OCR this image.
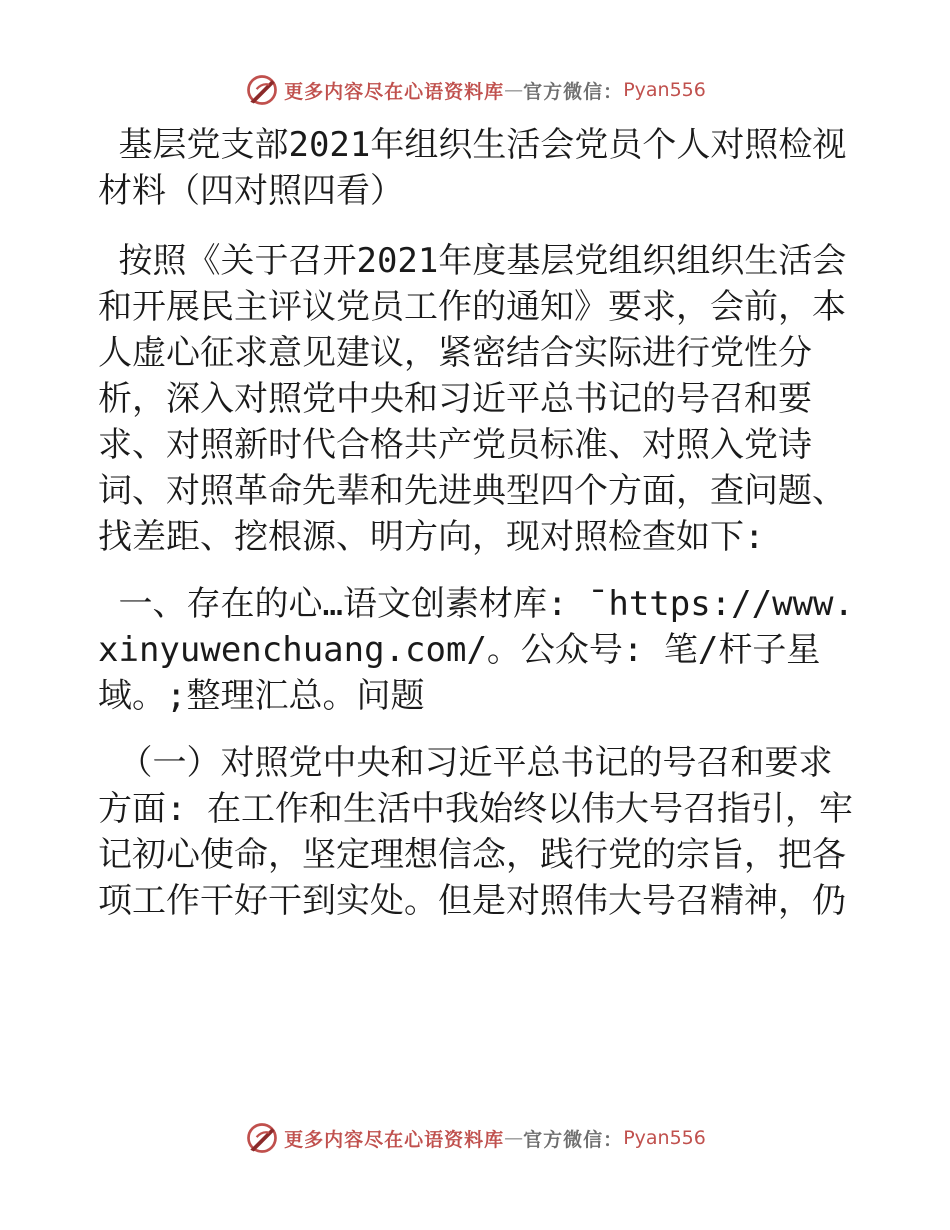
更多内容尽在心语资料库 — 官方微信： Pyan556

基层党支部2021年组织生活会党员个人对照检视材料（四对照四看）

按照《关于召开2021年度基层党组织组织生活会和开展民主评议党员工作的通知》要求，会前，本人虚心征求意见建议，紧密结合实际进行党性分析，深入对照党中央和习近平总书记的号召和要求、对照新时代合格共产党员标准、对照入党诗词、对照革命先辈和先进典型四个方面，查问题、找差距、挖根源、明方向，现对照检查如下:

一、存在的心…语文创素材库: ¯https://www.xinyuwenchuang.com/。公众号: 笔/杆子星域。;整理汇总。问题

（一）对照党中央和习近平总书记的号召和要求方面: 在工作和生活中我始终以伟大号召指引，牢记初心使命，坚定理想信念，践行党的宗旨，把各项工作干好干到实处。但是对照伟大号召精神，仍

更多内容尽在心语资料库 — 官方微信： Pyan556
